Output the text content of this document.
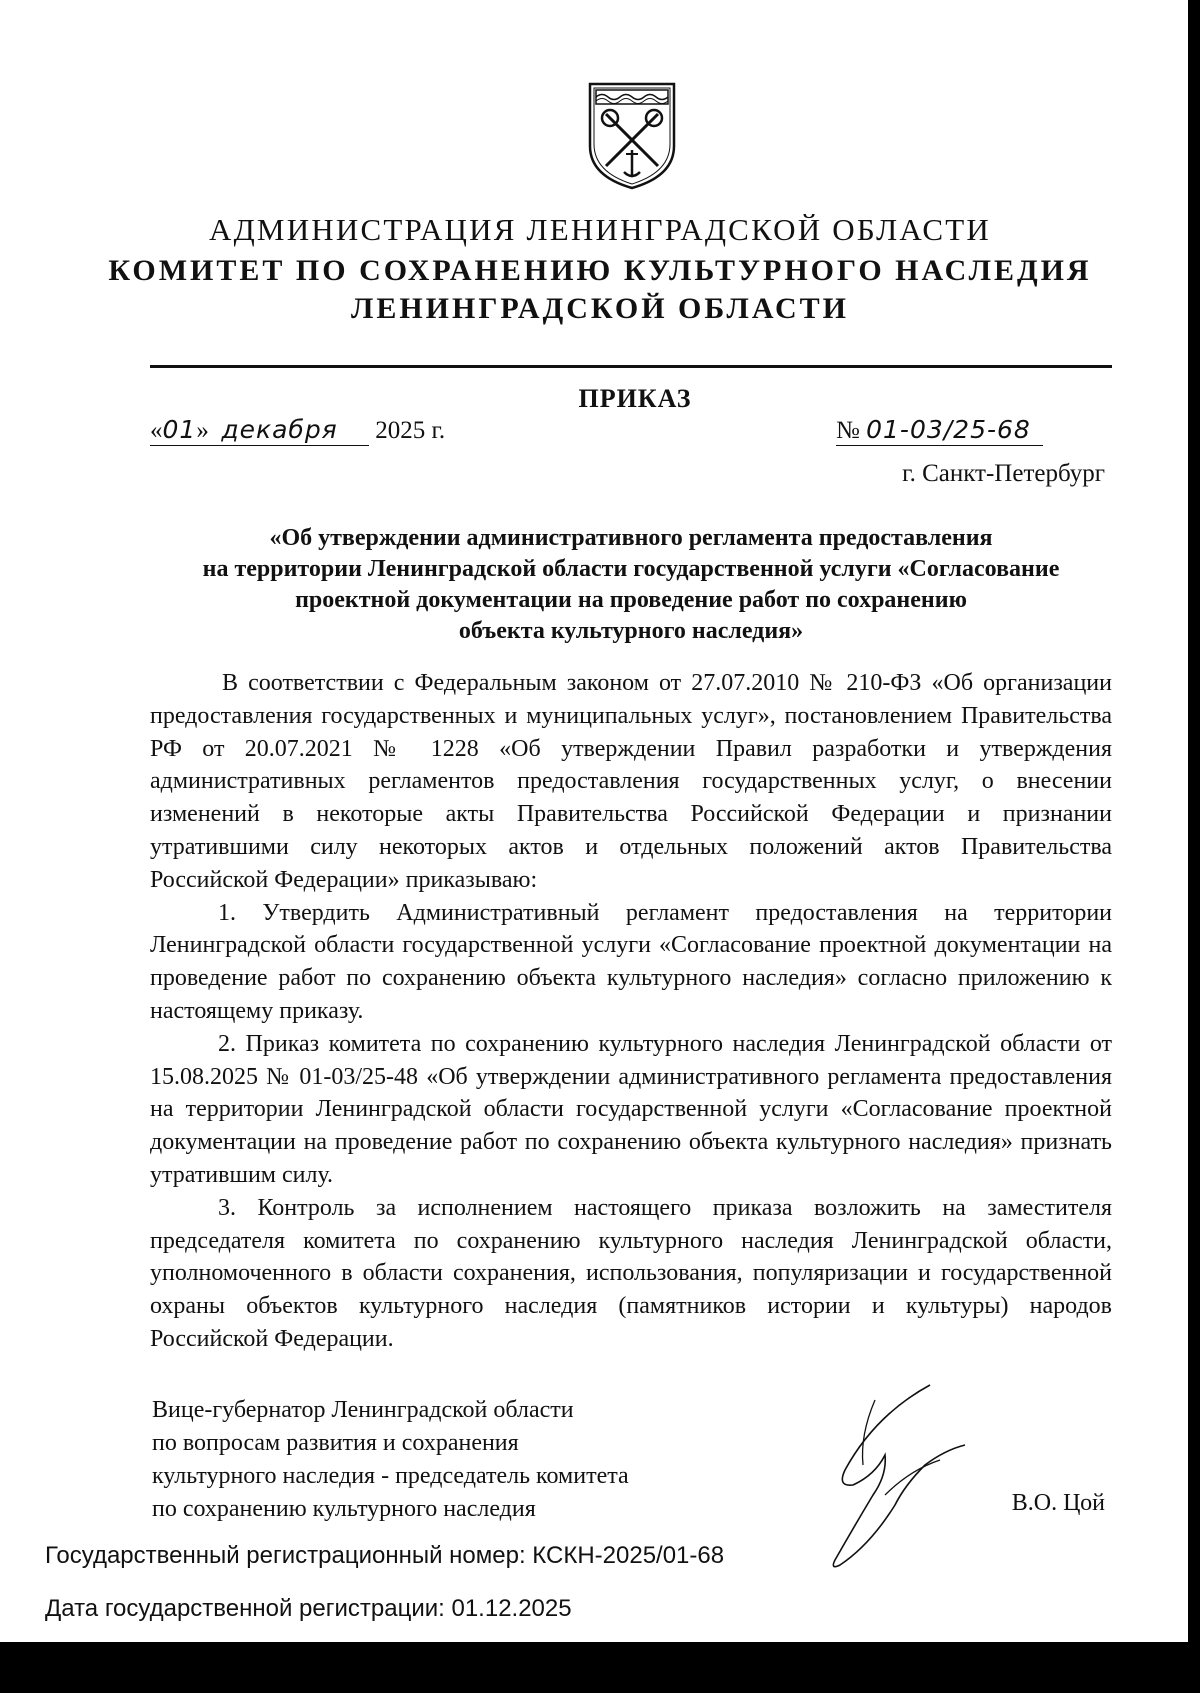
АДМИНИСТРАЦИЯ ЛЕНИНГРАДСКОЙ ОБЛАСТИ
КОМИТЕТ ПО СОХРАНЕНИЮ КУЛЬТУРНОГО НАСЛЕДИЯ
ЛЕНИНГРАДСКОЙ ОБЛАСТИ
ПРИКАЗ
«01» декабря 2025 г.	№ 01-03/25-68
г. Санкт-Петербург
«Об утверждении административного регламента предоставления
на территории Ленинградской области государственной услуги «Согласование
проектной документации на проведение работ по сохранению
объекта культурного наследия»

В соответствии с Федеральным законом от 27.07.2010 № 210-ФЗ «Об организации предоставления государственных и муниципальных услуг», постановлением Правительства РФ от 20.07.2021 № 1228 «Об утверждении Правил разработки и утверждения административных регламентов предоставления государственных услуг, о внесении изменений в некоторые акты Правительства Российской Федерации и признании утратившими силу некоторых актов и отдельных положений актов Правительства Российской Федерации» приказываю:

1. Утвердить Административный регламент предоставления на территории Ленинградской области государственной услуги «Согласование проектной документации на проведение работ по сохранению объекта культурного наследия» согласно приложению к настоящему приказу.

2. Приказ комитета по сохранению культурного наследия Ленинградской области от 15.08.2025 № 01-03/25-48 «Об утверждении административного регламента предоставления на территории Ленинградской области государственной услуги «Согласование проектной документации на проведение работ по сохранению объекта культурного наследия» признать утратившим силу.

3. Контроль за исполнением настоящего приказа возложить на заместителя председателя комитета по сохранению культурного наследия Ленинградской области, уполномоченного в области сохранения, использования, популяризации и государственной охраны объектов культурного наследия (памятников истории и культуры) народов Российской Федерации.

Вице-губернатор Ленинградской области
по вопросам развития и сохранения
культурного наследия - председатель комитета
по сохранению культурного наследия	В.О. Цой
Государственный регистрационный номер: КСКН-2025/01-68
Дата государственной регистрации: 01.12.2025
